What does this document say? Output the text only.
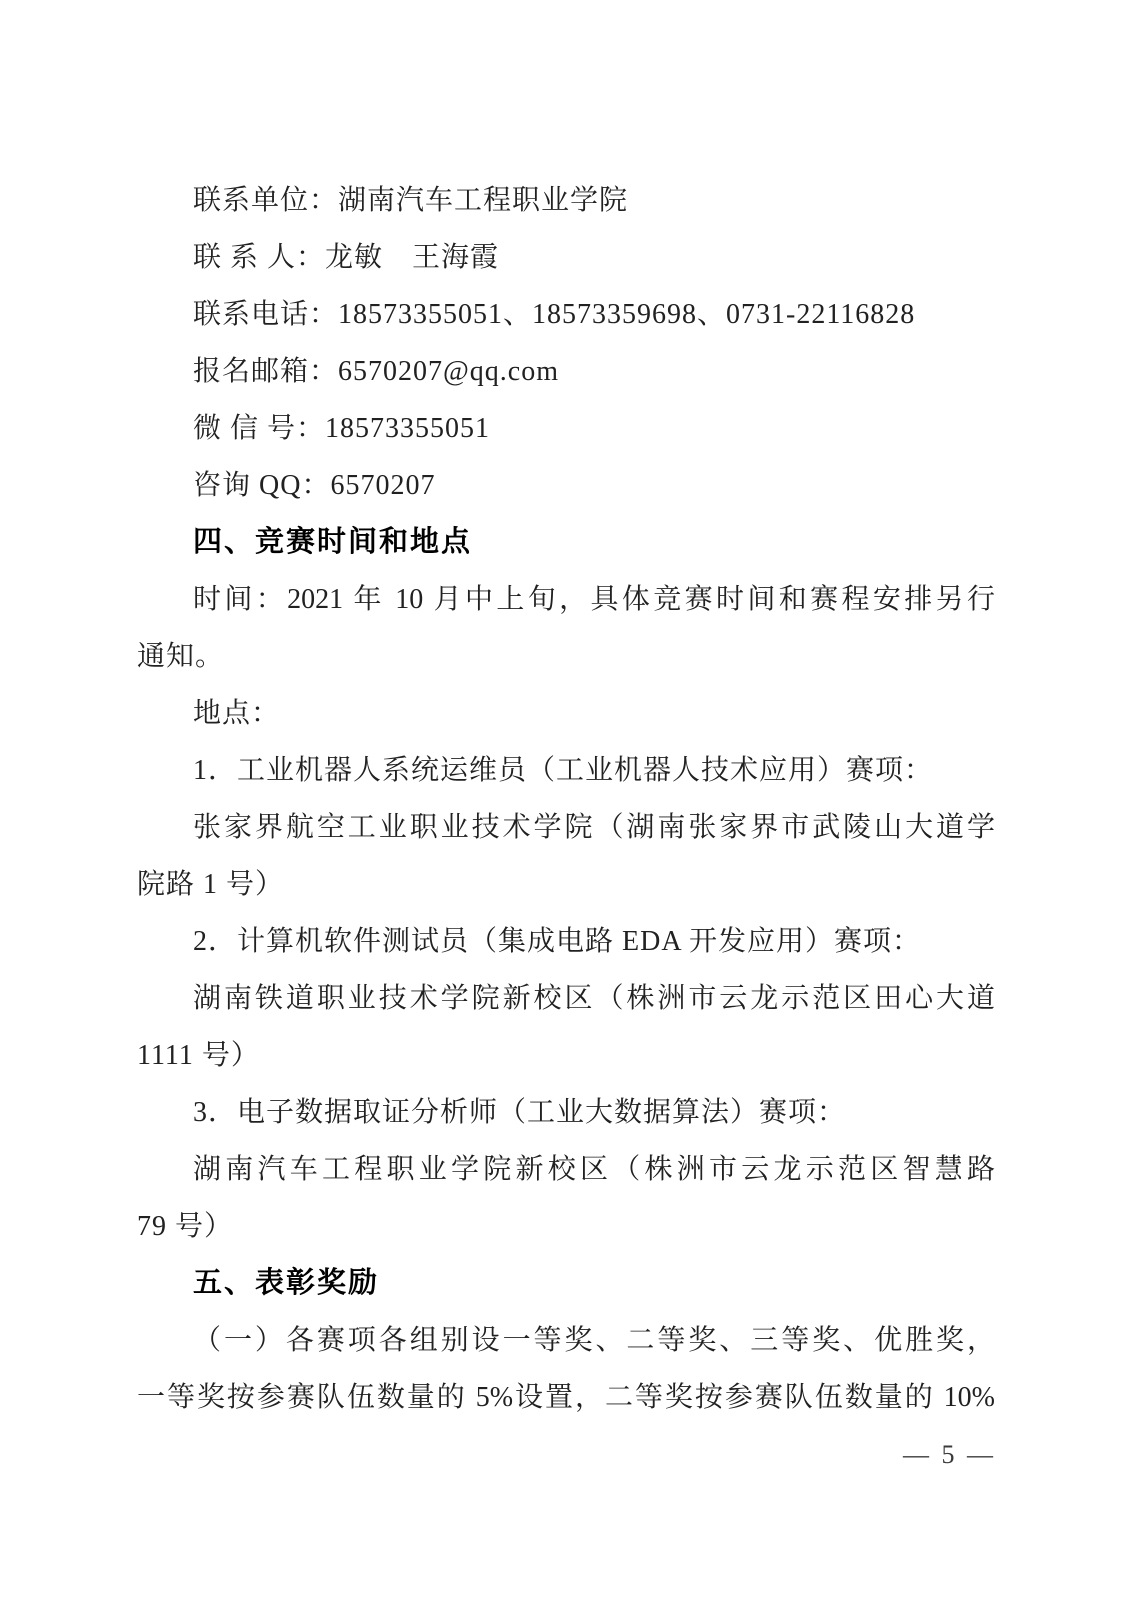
联系单位：湖南汽车工程职业学院
联 系 人：龙敏　王海霞
联系电话：18573355051、18573359698、0731-22116828
报名邮箱：6570207@qq.com
微 信 号：18573355051
咨询 QQ：6570207
四、竞赛时间和地点
时间：2021 年 10 月中上旬，具体竞赛时间和赛程安排另行
通知。
地点：
1．工业机器人系统运维员（工业机器人技术应用）赛项：
张家界航空工业职业技术学院（湖南张家界市武陵山大道学
院路 1 号）
2．计算机软件测试员（集成电路 EDA 开发应用）赛项：
湖南铁道职业技术学院新校区（株洲市云龙示范区田心大道
1111 号）
3．电子数据取证分析师（工业大数据算法）赛项：
湖南汽车工程职业学院新校区（株洲市云龙示范区智慧路
79 号）
五、表彰奖励
（一）各赛项各组别设一等奖、二等奖、三等奖、优胜奖，
一等奖按参赛队伍数量的 5%设置，二等奖按参赛队伍数量的 10%
— 5 —
